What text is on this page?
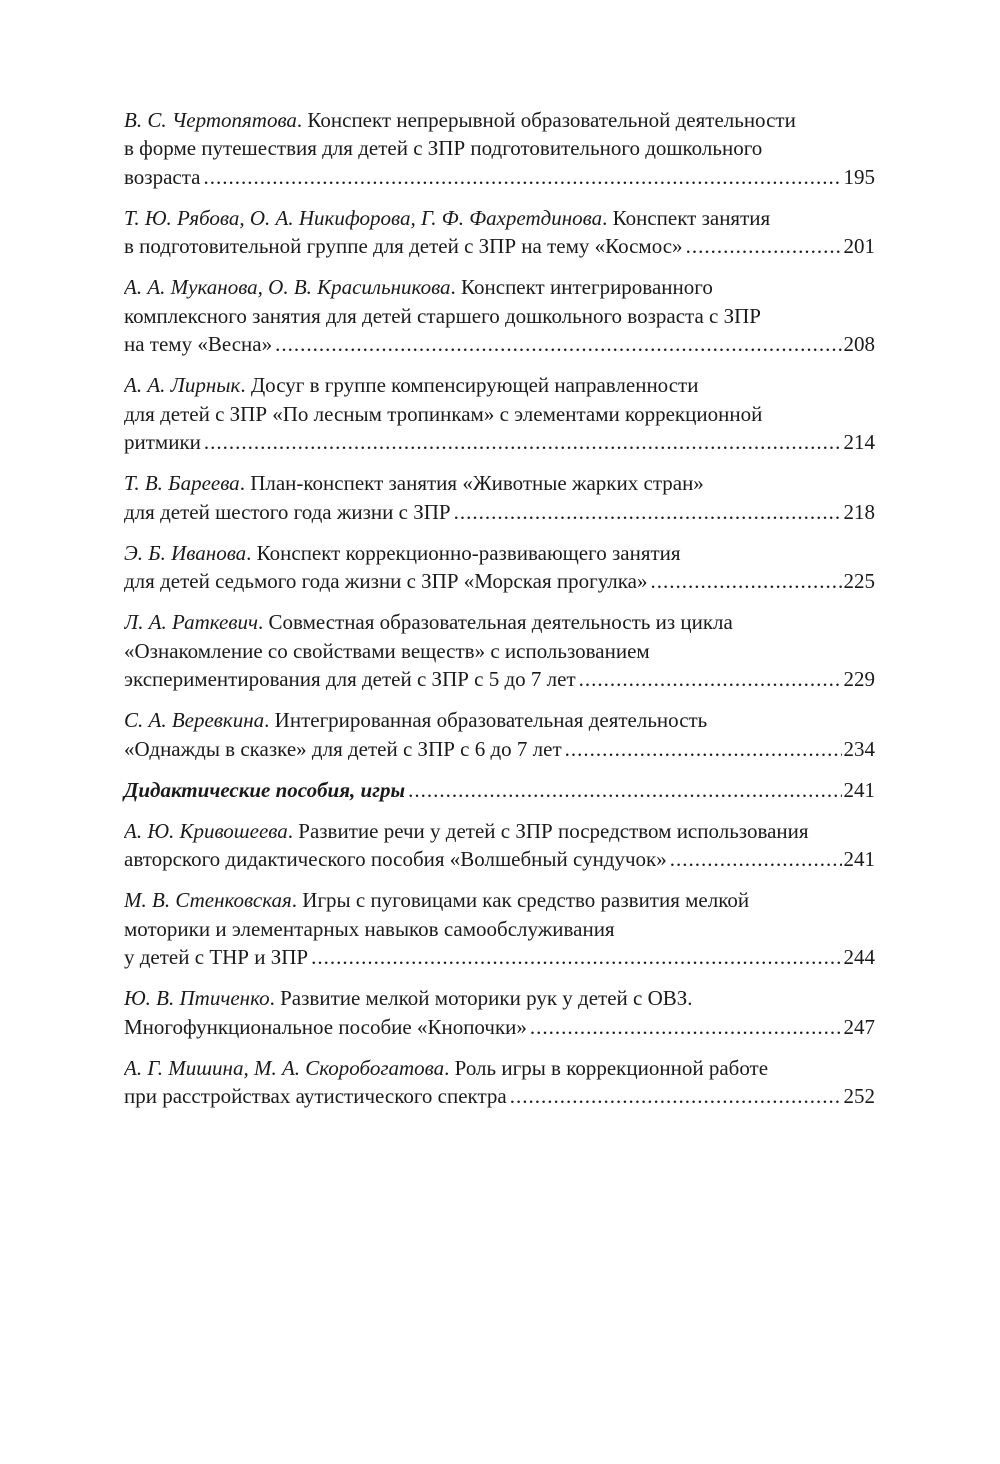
В. С. Чертопятова. Конспект непрерывной образовательной деятельности
в форме путешествия для детей с ЗПР подготовительного дошкольного
возраста .....	195
Т. Ю. Рябова, О. А. Никифорова, Г. Ф. Фахретдинова. Конспект занятия
в подготовительной группе для детей с ЗПР на тему «Космос» .....	201
А. А. Муканова, О. В. Красильникова. Конспект интегрированного
комплексного занятия для детей старшего дошкольного возраста с ЗПР
на тему «Весна» .....	208
А. А. Лирнык. Досуг в группе компенсирующей направленности
для детей с ЗПР «По лесным тропинкам» с элементами коррекционной
ритмики .....	214
Т. В. Бареева. План-конспект занятия «Животные жарких стран»
для детей шестого года жизни с ЗПР .....	218
Э. Б. Иванова. Конспект коррекционно-развивающего занятия
для детей седьмого года жизни с ЗПР «Морская прогулка» .....	225
Л. А. Раткевич. Совместная образовательная деятельность из цикла
«Ознакомление со свойствами веществ» с использованием
экспериментирования для детей с ЗПР с 5 до 7 лет .....	229
С. А. Веревкина. Интегрированная образовательная деятельность
«Однажды в сказке» для детей с ЗПР с 6 до 7 лет .....	234
Дидактические пособия, игры .....	241
А. Ю. Кривошеева. Развитие речи у детей с ЗПР посредством использования
авторского дидактического пособия «Волшебный сундучок» .....	241
М. В. Стенковская. Игры с пуговицами как средство развития мелкой
моторики и элементарных навыков самообслуживания
у детей с ТНР и ЗПР .....	244
Ю. В. Птиченко. Развитие мелкой моторики рук у детей с ОВЗ.
Многофункциональное пособие «Кнопочки» .....	247
А. Г. Мишина, М. А. Скоробогатова. Роль игры в коррекционной работе
при расстройствах аутистического спектра .....	252
